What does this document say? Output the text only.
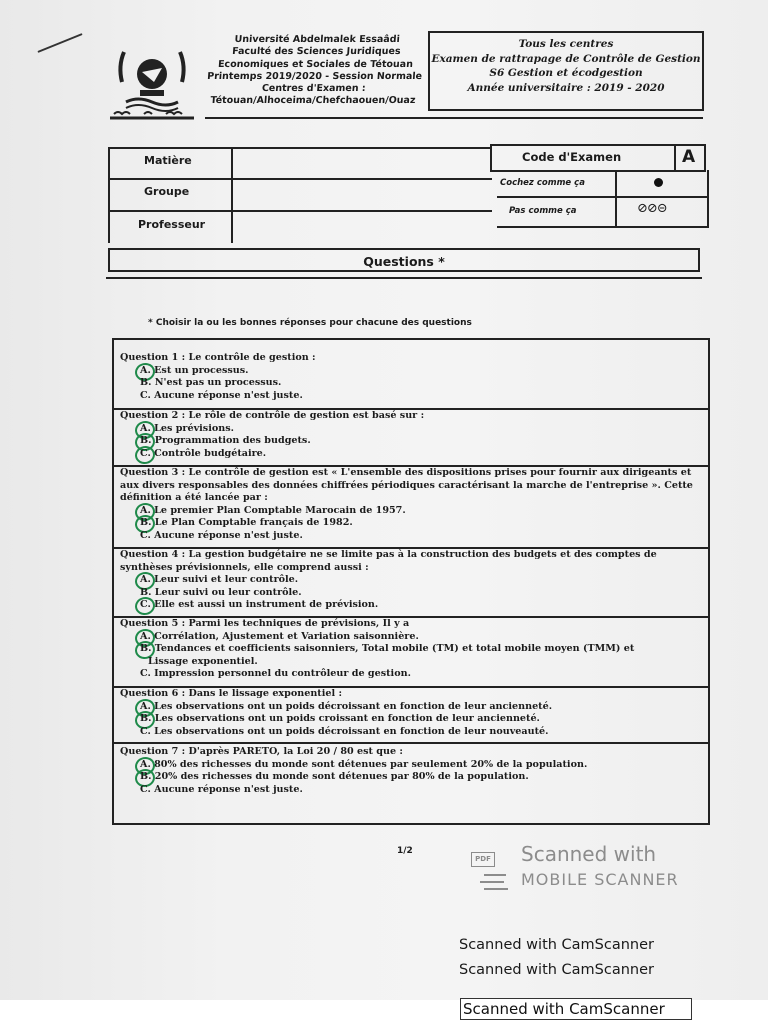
Université Abdelmalek Essaâdi
Faculté des Sciences Juridiques
Economiques et Sociales de Tétouan
Printemps 2019/2020 - Session Normale
Centres d'Examen :
Tétouan/Alhoceima/Chefchaouen/Ouaz
Tous les centres
Examen de rattrapage de Contrôle de Gestion
S6 Gestion et écodgestion
Année universitaire : 2019 - 2020
Matière
Groupe
Professeur
Code d'Examen	A
Cochez comme ça
Pas comme ça	⊘⊘⊝
Questions *
* Choisir la ou les bonnes réponses pour chacune des questions
Question 1 : Le contrôle de gestion :
A. Est un processus.
B. N'est pas un processus.
C. Aucune réponse n'est juste.
Question 2 : Le rôle de contrôle de gestion est basé sur :
A. Les prévisions.
B. Programmation des budgets.
C. Contrôle budgétaire.
Question 3 : Le contrôle de gestion est « L'ensemble des dispositions prises pour fournir aux dirigeants et aux divers responsables des données chiffrées périodiques caractérisant la marche de l'entreprise ». Cette définition a été lancée par :
A. Le premier Plan Comptable Marocain de 1957.
B. Le Plan Comptable français de 1982.
C. Aucune réponse n'est juste.
Question 4 : La gestion budgétaire ne se limite pas à la construction des budgets et des comptes de synthèses prévisionnels, elle comprend aussi :
A. Leur suivi et leur contrôle.
B. Leur suivi ou leur contrôle.
C. Elle est aussi un instrument de prévision.
Question 5 : Parmi les techniques de prévisions, Il y a
A. Corrélation, Ajustement et Variation saisonnière.
B. Tendances et coefficients saisonniers, Total mobile (TM) et total mobile moyen (TMM) et
Lissage exponentiel.
C. Impression personnel du contrôleur de gestion.
Question 6 : Dans le lissage exponentiel :
A. Les observations ont un poids décroissant en fonction de leur ancienneté.
B. Les observations ont un poids croissant en fonction de leur ancienneté.
C. Les observations ont un poids décroissant en fonction de leur nouveauté.
Question 7 : D'après PARETO, la Loi 20 / 80 est que :
A. 80% des richesses du monde sont détenues par seulement 20% de la population.
B. 20% des richesses du monde sont détenues par 80% de la population.
C. Aucune réponse n'est juste.
1/2
PDF Scanned with
MOBILE SCANNER
Scanned with CamScanner
Scanned with CamScanner
Scanned with CamScanner
